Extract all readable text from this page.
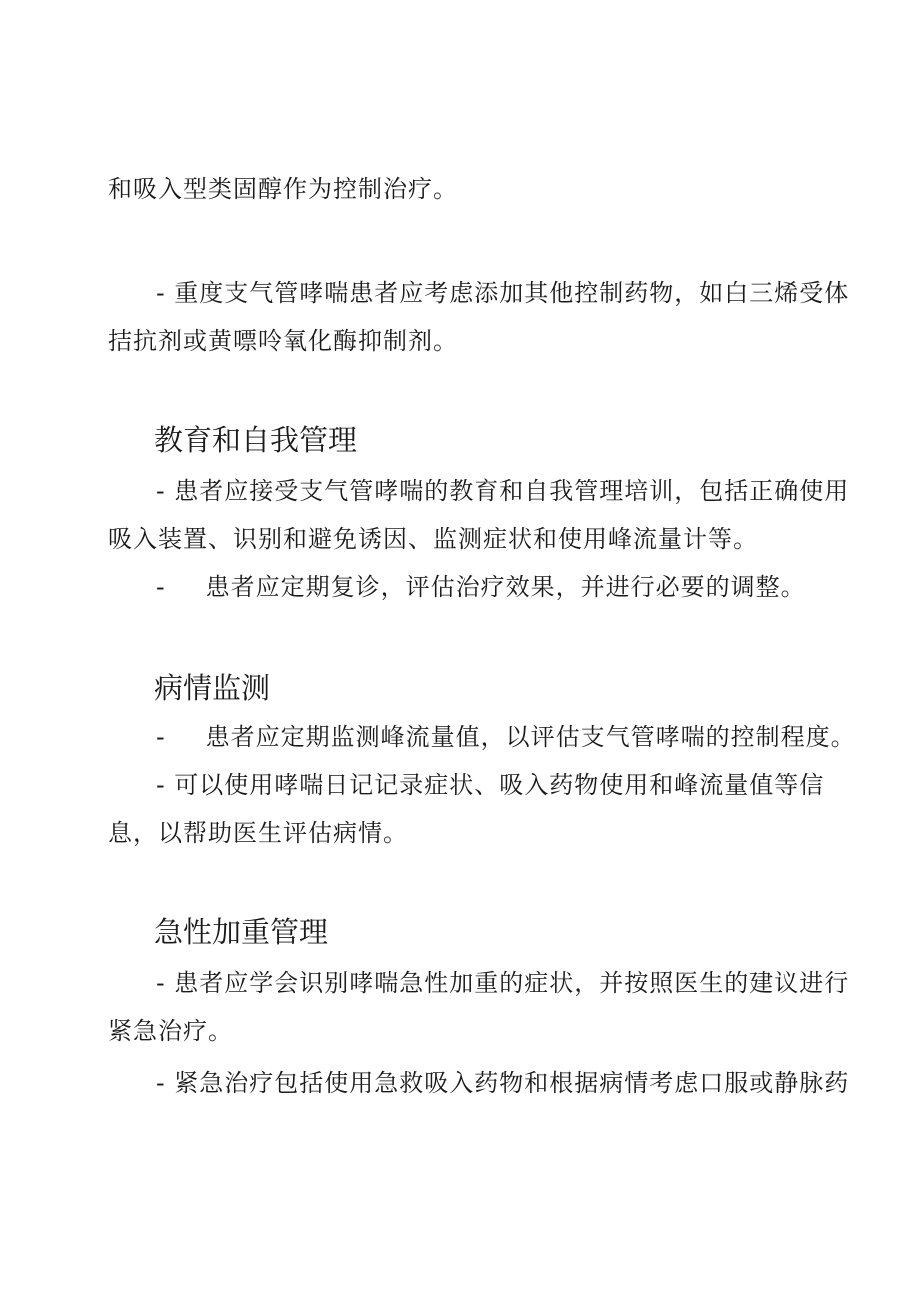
和吸入型类固醇作为控制治疗。
- 重度支气管哮喘患者应考虑添加其他控制药物，如白三烯受体
拮抗剂或黄嘌呤氧化酶抑制剂。
教育和自我管理
- 患者应接受支气管哮喘的教育和自我管理培训，包括正确使用
吸入装置、识别和避免诱因、监测症状和使用峰流量计等。
- 患者应定期复诊，评估治疗效果，并进行必要的调整。
病情监测
- 患者应定期监测峰流量值，以评估支气管哮喘的控制程度。
- 可以使用哮喘日记记录症状、吸入药物使用和峰流量值等信
息，以帮助医生评估病情。
急性加重管理
- 患者应学会识别哮喘急性加重的症状，并按照医生的建议进行
紧急治疗。
- 紧急治疗包括使用急救吸入药物和根据病情考虑口服或静脉药
